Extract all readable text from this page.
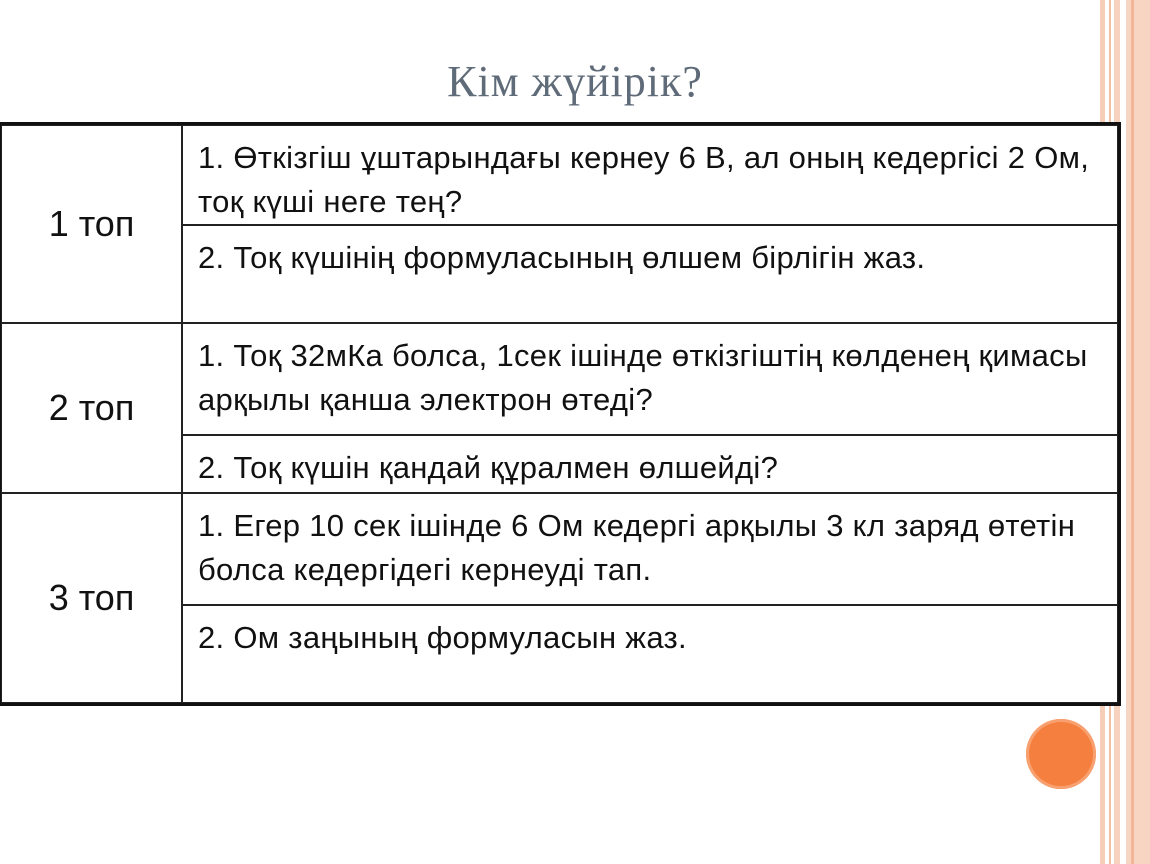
Кім жүйірік?
1 топ	1. Өткізгіш ұштарындағы кернеу 6 В, ал оның кедергісі 2 Ом, тоқ күші неге тең?
	2. Тоқ күшінің формуласының өлшем бірлігін жаз.
2 топ	1. Тоқ 32мКа болса, 1сек ішінде өткізгіштің көлденең қимасы арқылы қанша электрон өтеді?
	2. Тоқ күшін қандай құралмен өлшейді?
3 топ	1. Егер 10 сек ішінде 6 Ом кедергі арқылы 3 кл заряд өтетін болса кедергідегі кернеуді тап.
	2. Ом заңының формуласын жаз.
